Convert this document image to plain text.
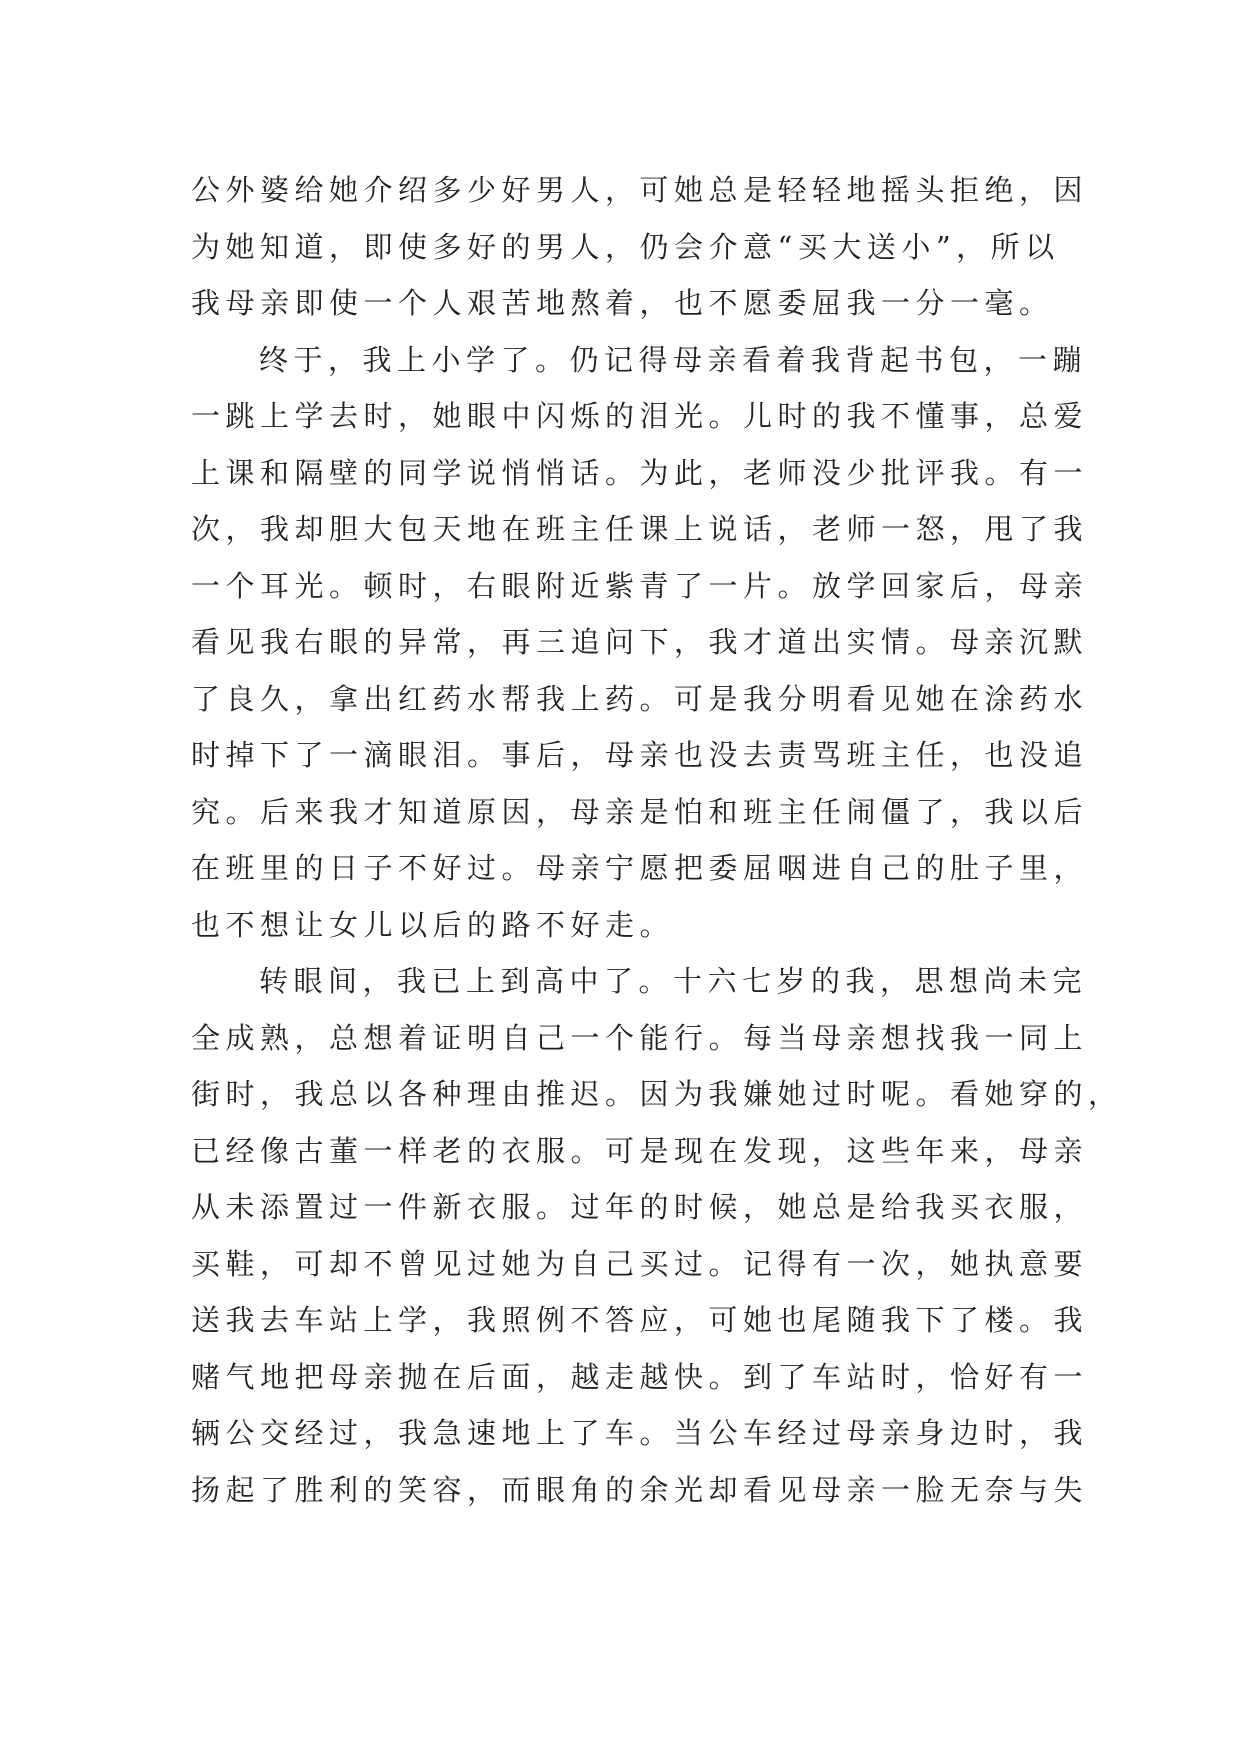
公外婆给她介绍多少好男人，可她总是轻轻地摇头拒绝，因
为她知道，即使多好的男人，仍会介意“买大送小”，所以
我母亲即使一个人艰苦地熬着，也不愿委屈我一分一毫。
终于，我上小学了。仍记得母亲看着我背起书包，一蹦
一跳上学去时，她眼中闪烁的泪光。儿时的我不懂事，总爱
上课和隔壁的同学说悄悄话。为此，老师没少批评我。有一
次，我却胆大包天地在班主任课上说话，老师一怒，甩了我
一个耳光。顿时，右眼附近紫青了一片。放学回家后，母亲
看见我右眼的异常，再三追问下，我才道出实情。母亲沉默
了良久，拿出红药水帮我上药。可是我分明看见她在涂药水
时掉下了一滴眼泪。事后，母亲也没去责骂班主任，也没追
究。后来我才知道原因，母亲是怕和班主任闹僵了，我以后
在班里的日子不好过。母亲宁愿把委屈咽进自己的肚子里，
也不想让女儿以后的路不好走。
转眼间，我已上到高中了。十六七岁的我，思想尚未完
全成熟，总想着证明自己一个能行。每当母亲想找我一同上
街时，我总以各种理由推迟。因为我嫌她过时呢。看她穿的，
已经像古董一样老的衣服。可是现在发现，这些年来，母亲
从未添置过一件新衣服。过年的时候，她总是给我买衣服，
买鞋，可却不曾见过她为自己买过。记得有一次，她执意要
送我去车站上学，我照例不答应，可她也尾随我下了楼。我
赌气地把母亲抛在后面，越走越快。到了车站时，恰好有一
辆公交经过，我急速地上了车。当公车经过母亲身边时，我
扬起了胜利的笑容，而眼角的余光却看见母亲一脸无奈与失
